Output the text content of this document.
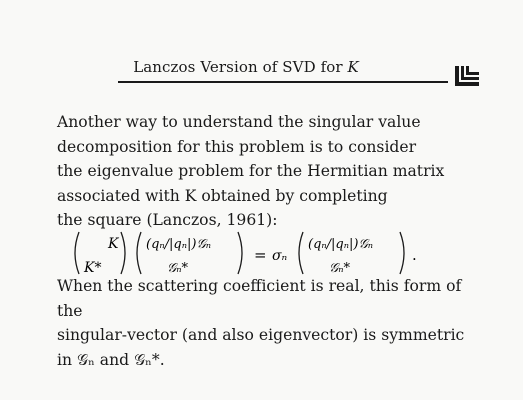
Lanczos Version of SVD for K

Another way to understand the singular value

decomposition for this problem is to consider

the eigenvalue problem for the Hermitian matrix

associated with K obtained by completing

the square (Lanczos, 1961):

K
K*
(qₙ/|qₙ|)𝒢ₙ
𝒢ₙ*
= σₙ
(qₙ/|qₙ|)𝒢ₙ
𝒢ₙ*
.

When the scattering coefficient is real, this form of the

singular-vector (and also eigenvector) is symmetric

in 𝒢ₙ and 𝒢ₙ*.
